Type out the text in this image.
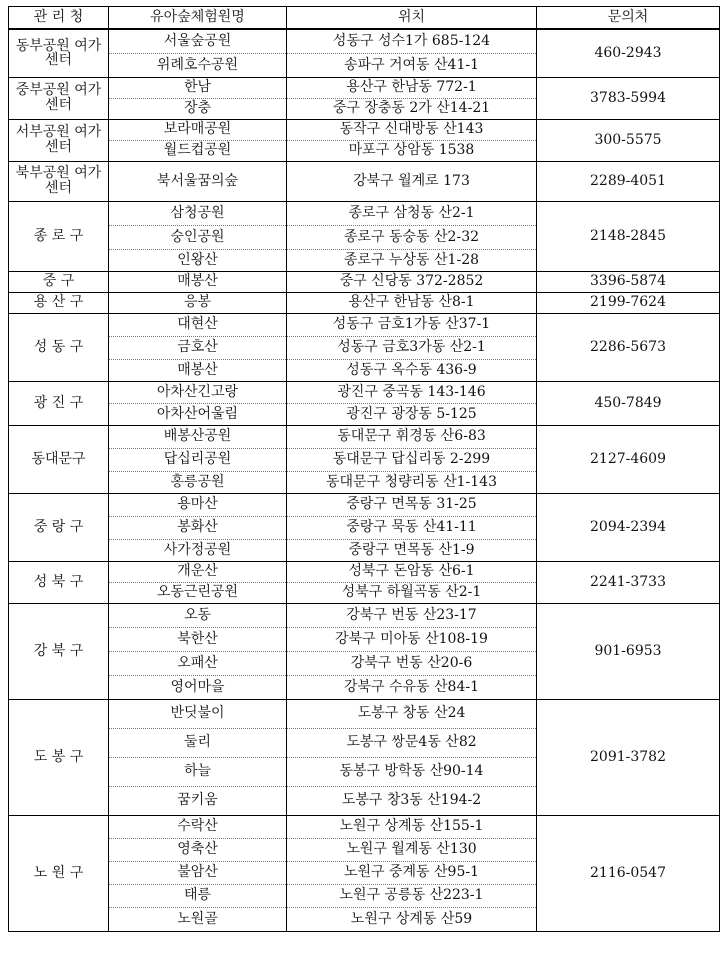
관 리 청	유아숲체험원명	위치	문의처
동부공원 여가센터	서울숲공원	성동구 성수1가 685-124	460-2943
	위례호수공원	송파구 거여동 산41-1	
중부공원 여가센터	한남	용산구 한남동 772-1	3783-5994
	장충	중구 장충동 2가 산14-21	
서부공원 여가센터	보라매공원	동작구 신대방동 산143	300-5575
	월드컵공원	마포구 상암동 1538	
북부공원 여가센터	북서울꿈의숲	강북구 월계로 173	2289-4051
종 로 구	삼청공원	종로구 삼청동 산2-1	2148-2845
	숭인공원	종로구 동숭동 산2-32	
	인왕산	종로구 누상동 산1-28	
중 구	매봉산	중구 신당동 372-2852	3396-5874
용 산 구	응봉	용산구 한남동 산8-1	2199-7624
성 동 구	대현산	성동구 금호1가동 산37-1	2286-5673
	금호산	성동구 금호3가동 산2-1	
	매봉산	성동구 옥수동 436-9	
광 진 구	아차산긴고랑	광진구 중곡동 143-146	450-7849
	아차산어울림	광진구 광장동 5-125	
동대문구	배봉산공원	동대문구 휘경동 산6-83	2127-4609
	답십리공원	동대문구 답십리동 2-299	
	홍릉공원	동대문구 청량리동 산1-143	
중 랑 구	용마산	중랑구 면목동 31-25	2094-2394
	봉화산	중랑구 묵동 산41-11	
	사가정공원	중랑구 면목동 산1-9	
성 북 구	개운산	성북구 돈암동 산6-1	2241-3733
	오동근린공원	성북구 하월곡동 산2-1	
강 북 구	오동	강북구 번동 산23-17	901-6953
	북한산	강북구 미아동 산108-19	
	오패산	강북구 번동 산20-6	
	영어마을	강북구 수유동 산84-1	
도 봉 구	반딧불이	도봉구 창동 산24	2091-3782
	둘리	도봉구 쌍문4동 산82	
	하늘	동봉구 방학동 산90-14	
	꿈키움	도봉구 창3동 산194-2	
노 원 구	수락산	노원구 상계동 산155-1	2116-0547
	영축산	노원구 월계동 산130	
	불암산	노원구 중계동 산95-1	
	태릉	노원구 공릉동 산223-1	
	노원골	노원구 상계동 산59	
